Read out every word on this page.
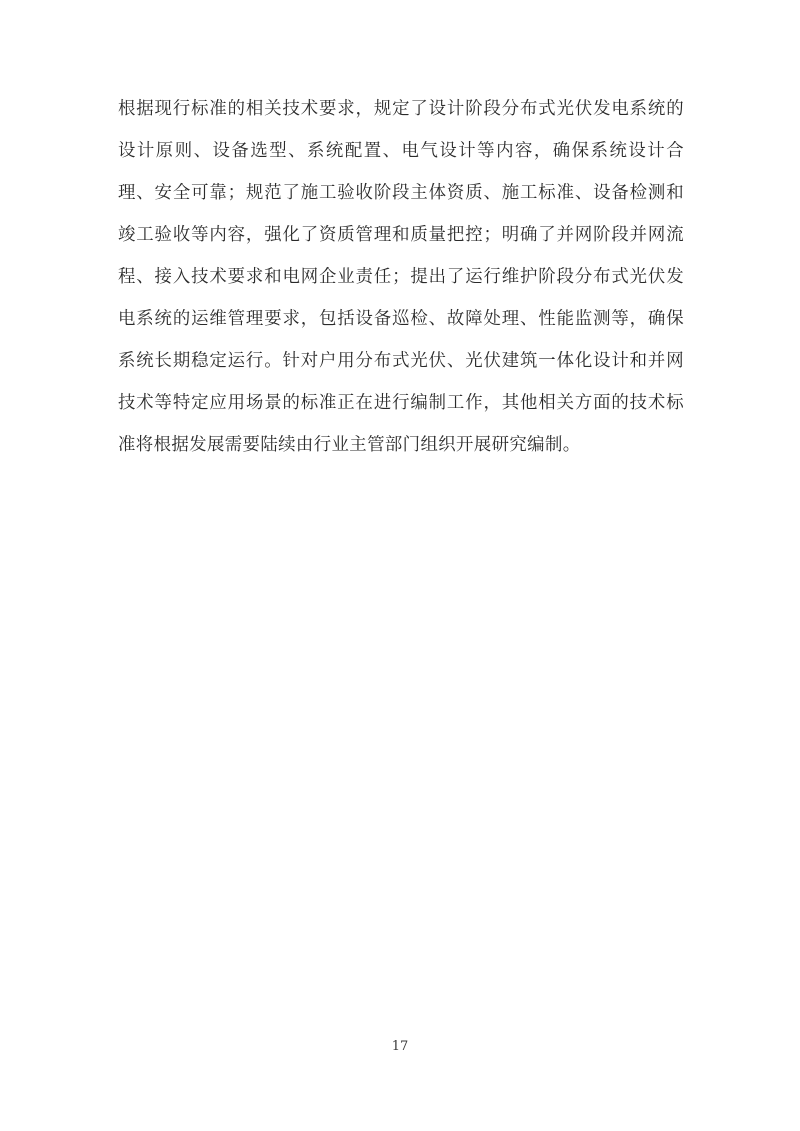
根据现行标准的相关技术要求，规定了设计阶段分布式光伏发电系统的设计原则、设备选型、系统配置、电气设计等内容，确保系统设计合理、安全可靠；规范了施工验收阶段主体资质、施工标准、设备检测和竣工验收等内容，强化了资质管理和质量把控；明确了并网阶段并网流程、接入技术要求和电网企业责任；提出了运行维护阶段分布式光伏发电系统的运维管理要求，包括设备巡检、故障处理、性能监测等，确保系统长期稳定运行。针对户用分布式光伏、光伏建筑一体化设计和并网技术等特定应用场景的标准正在进行编制工作，其他相关方面的技术标准将根据发展需要陆续由行业主管部门组织开展研究编制。

17
